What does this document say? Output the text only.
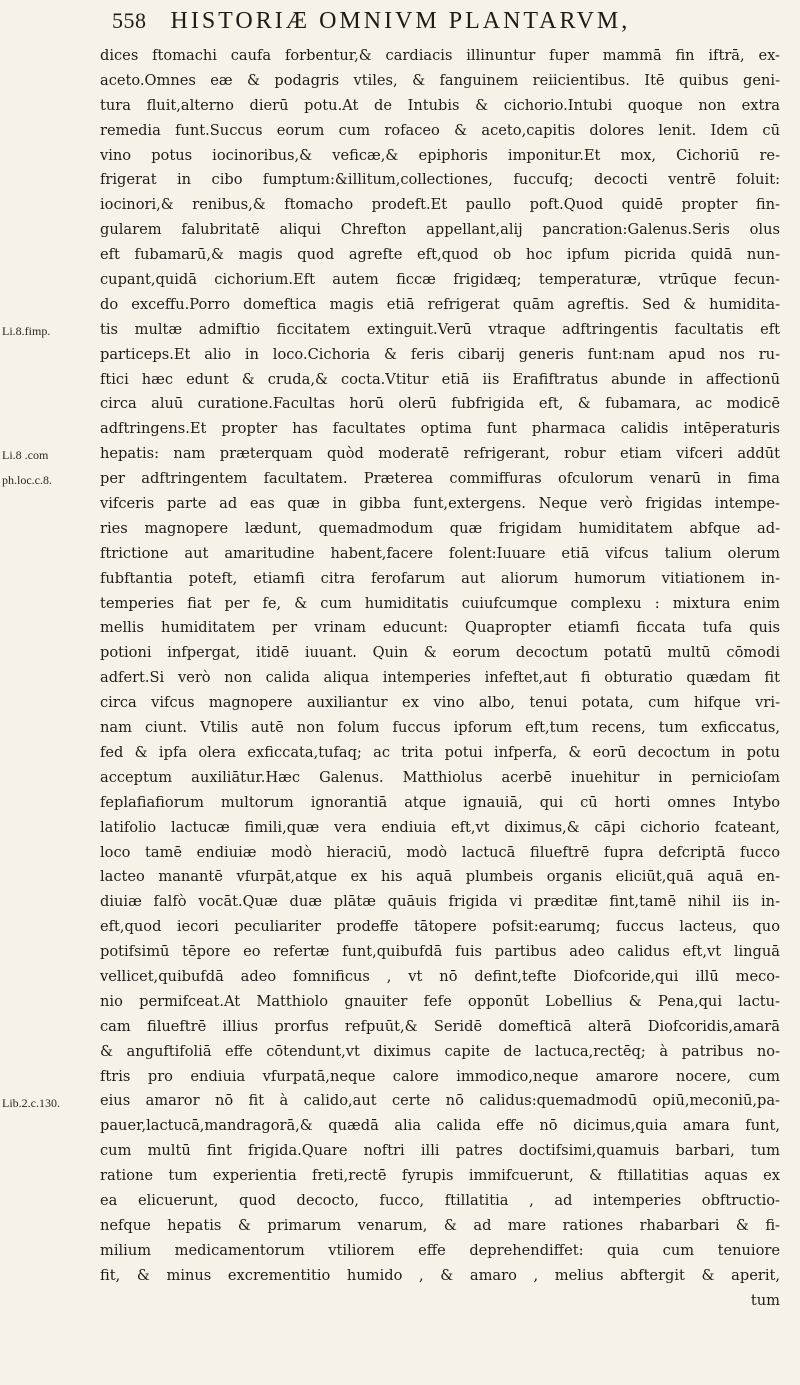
558 HISTORIÆ OMNIVM PLANTARVM,
Li.8.fimp.
Li.8 .com
ph.loc.c.8.
Lib.2.c.130.
dices ftomachi caufa forbentur,& cardiacis illinuntur fuper mammā fin iftrā, ex-
aceto.Omnes eæ & podagris vtiles, & fanguinem reiicientibus. Itē quibus geni-
tura fluit,alterno dierū potu.At de Intubis & cichorio.Intubi quoque non extra
remedia funt.Succus eorum cum rofaceo & aceto,capitis dolores lenit. Idem cū
vino potus iocinoribus,& veficæ,& epiphoris imponitur.Et mox, Cichoriū re-
frigerat in cibo fumptum:&illitum,collectiones, fuccufq; decocti ventrē foluit:
iocinori,& renibus,& ftomacho prodeft.Et paullo poft.Quod quidē propter fin-
gularem falubritatē aliqui Chrefton appellant,alij pancration:Galenus.Seris olus
eft fubamarū,& magis quod agrefte eft,quod ob hoc ipfum picrida quidā nun-
cupant,quidā cichorium.Eft autem ficcæ frigidæq; temperaturæ, vtrūque fecun-
do exceffu.Porro domeftica magis etiā refrigerat quām agreftis. Sed & humidita-
tis multæ admiftio ficcitatem extinguit.Verū vtraque adftringentis facultatis eft
particeps.Et alio in loco.Cichoria & feris cibarij generis funt:nam apud nos ru-
ftici hæc edunt & cruda,& cocta.Vtitur etiā iis Erafiftratus abunde in affectionū
circa aluū curatione.Facultas horū olerū fubfrigida eft, & fubamara, ac modicē
adftringens.Et propter has facultates optima funt pharmaca calidis intēperaturis
hepatis: nam præterquam quòd moderatē refrigerant, robur etiam vifceri addūt
per adftringentem facultatem. Præterea commiffuras ofculorum venarū in fima
vifceris parte ad eas quæ in gibba funt,extergens. Neque verò frigidas intempe-
ries magnopere lædunt, quemadmodum quæ frigidam humiditatem abfque ad-
ftrictione aut amaritudine habent,facere folent:Iuuare etiā vifcus talium olerum
fubftantia poteft, etiamfi citra ferofarum aut aliorum humorum vitiationem in-
temperies fiat per fe, & cum humiditatis cuiufcumque complexu : mixtura enim
mellis humiditatem per vrinam educunt: Quapropter etiamfi ficcata tufa quis
potioni infpergat, itidē iuuant. Quin & eorum decoctum potatū multū cōmodi
adfert.Si verò non calida aliqua intemperies infeftet,aut fi obturatio quædam fit
circa vifcus magnopere auxiliantur ex vino albo, tenui potata, cum hifque vri-
nam ciunt. Vtilis autē non folum fuccus ipforum eft,tum recens, tum exficcatus,
fed & ipfa olera exficcata,tufaq; ac trita potui infperfa, & eorū decoctum in potu
acceptum auxiliātur.Hæc Galenus. Matthiolus acerbē inuehitur in pernicioſam
feplafiafiorum multorum ignorantiā atque ignauiā, qui cū horti omnes Intybo
latifolio lactucæ fimili,quæ vera endiuia eft,vt diximus,& cāpi cichorio fcateant,
loco tamē endiuiæ modò hieraciū, modò lactucā filueftrē fupra defcriptā fucco
lacteo manantē vfurpāt,atque ex his aquā plumbeis organis eliciūt,quā aquā en-
diuiæ falfò vocāt.Quæ duæ plātæ quāuis frigida vi præditæ fint,tamē nihil iis in-
eft,quod iecori peculiariter prodeffe tātopere pofsit:earumq; fuccus lacteus, quo
potifsimū tēpore eo refertæ funt,quibufdā fuis partibus adeo calidus eft,vt linguā
vellicet,quibufdā adeo fomnificus , vt nō defint,tefte Diofcoride,qui illū meco-
nio permifceat.At Matthiolo gnauiter fefe opponūt Lobellius & Pena,qui lactu-
cam filueftrē illius prorfus refpuūt,& Seridē domefticā alterā Diofcoridis,amarā
& anguftifoliā effe cōtendunt,vt diximus capite de lactuca,rectēq; à patribus no-
ftris pro endiuia vfurpatā,neque calore immodico,neque amarore nocere, cum
eius amaror nō fit à calido,aut certe nō calidus:quemadmodū opiū,meconiū,pa-
pauer,lactucā,mandragorā,& quædā alia calida effe nō dicimus,quia amara funt,
cum multū fint frigida.Quare noftri illi patres doctifsimi,quamuis barbari, tum
ratione tum experientia freti,rectē fyrupis immifcuerunt, & ftillatitias aquas ex
ea elicuerunt, quod decocto, fucco, ftillatitia , ad intemperies obftructio-
nefque hepatis & primarum venarum, & ad mare rationes rhabarbari & fi-
milium medicamentorum vtiliorem effe deprehendiffet: quia cum tenuiore
fit, & minus excrementitio humido , & amaro , melius abftergit & aperit,
tum
